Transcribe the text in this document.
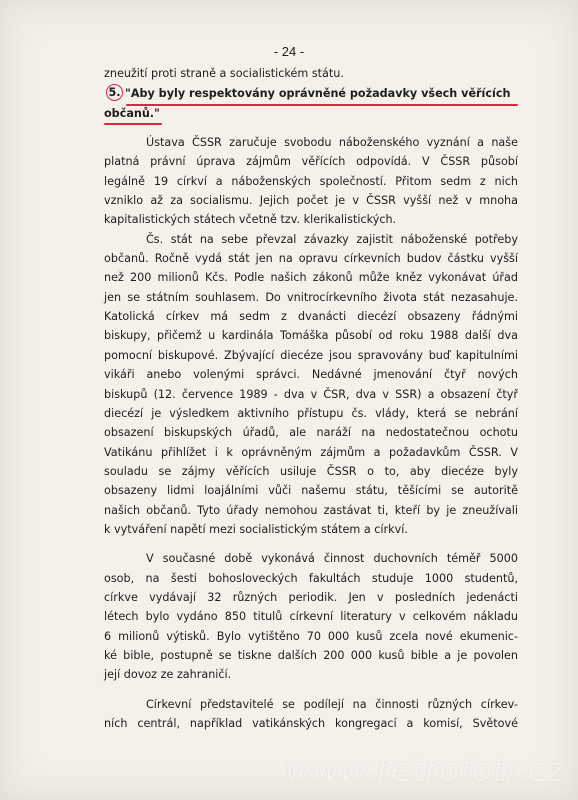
- 24 -
zneužití proti straně a socialistickém státu.
5. "Aby byly respektovány oprávněné požadavky všech věřících
občanů."
Ústava ČSSR zaručuje svobodu náboženského vyznání a naše
platná právní úprava zájmům věřících odpovídá. V ČSSR působí
legálně 19 církví a náboženských společností. Přitom sedm z nich
vzniklo až za socialismu. Jejich počet je v ČSSR vyšší než v mnoha
kapitalistických státech včetně tzv. klerikalistických.
Čs. stát na sebe převzal závazky zajistit náboženské potřeby
občanů. Ročně vydá stát jen na opravu církevních budov částku vyšší
než 200 milionů Kčs. Podle našich zákonů může kněz vykonávat úřad
jen se státním souhlasem. Do vnitrocírkevního života stát nezasahuje.
Katolická církev má sedm z dvanácti diecézí obsazeny řádnými
biskupy, přičemž u kardinála Tomáška působí od roku 1988 další dva
pomocní biskupové. Zbývající diecéze jsou spravovány buď kapitulními
vikáři anebo volenými správci. Nedávné jmenování čtyř nových
biskupů (12. července 1989 - dva v ČSR, dva v SSR) a obsazení čtyř
diecézí je výsledkem aktivního přístupu čs. vlády, která se nebrání
obsazení biskupských úřadů, ale naráží na nedostatečnou ochotu
Vatikánu přihlížet i k oprávněným zájmům a požadavkům ČSSR. V
souladu se zájmy věřících usiluje ČSSR o to, aby diecéze byly
obsazeny lidmi loajálními vůči našemu státu, těšícími se autoritě
našich občanů. Tyto úřady nemohou zastávat ti, kteří by je zneužívali
k vytváření napětí mezi socialistickým státem a církví.
V současné době vykonává činnost duchovních téměř 5000
osob, na šesti bohosloveckých fakultách studuje 1000 studentů,
církve vydávají 32 různých periodik. Jen v posledních jedenácti
létech bylo vydáno 850 titulů církevní literatury v celkovém nákladu
6 milionů výtisků. Bylo vytištěno 70 000 kusů zcela nové ekumenic-
ké bible, postupně se tiskne dalších 200 000 kusů bible a je povolen
její dovoz ze zahraničí.
Církevní představitelé se podílejí na činnosti různých církev-
ních centrál, například vatikánských kongregací a komisí, Světové
www.retrofotr.cz
